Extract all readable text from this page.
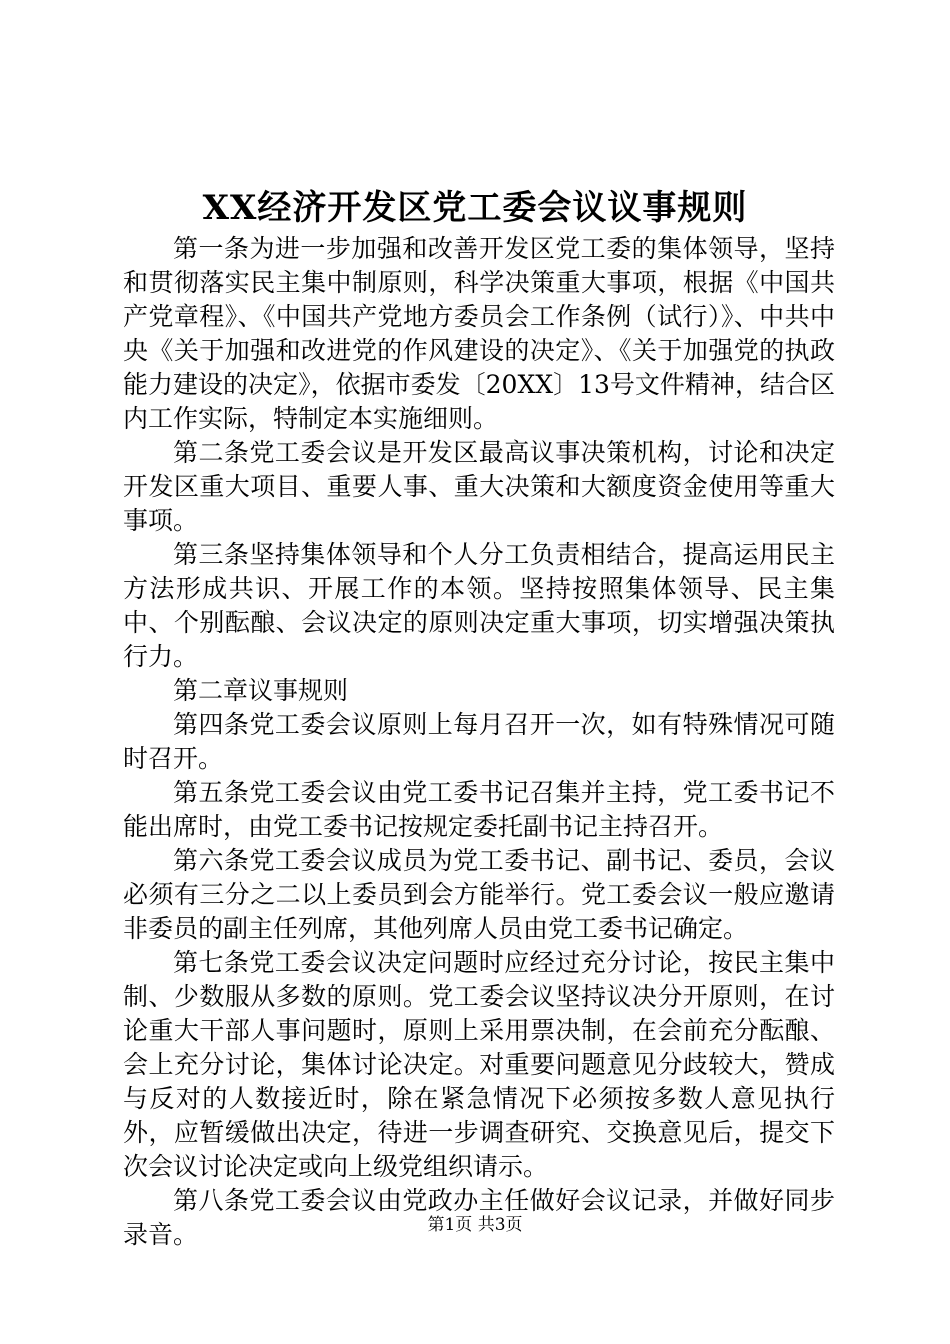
XX经济开发区党工委会议议事规则

第一条为进一步加强和改善开发区党工委的集体领导，坚持和贯彻落实民主集中制原则，科学决策重大事项，根据《中国共产党章程》、《中国共产党地方委员会工作条例（试行）》、中共中央《关于加强和改进党的作风建设的决定》、《关于加强党的执政能力建设的决定》，依据市委发〔20XX〕13号文件精神，结合区内工作实际，特制定本实施细则。

第二条党工委会议是开发区最高议事决策机构，讨论和决定开发区重大项目、重要人事、重大决策和大额度资金使用等重大事项。

第三条坚持集体领导和个人分工负责相结合，提高运用民主方法形成共识、开展工作的本领。坚持按照集体领导、民主集中、个别酝酿、会议决定的原则决定重大事项，切实增强决策执行力。

第二章议事规则

第四条党工委会议原则上每月召开一次，如有特殊情况可随时召开。

第五条党工委会议由党工委书记召集并主持，党工委书记不能出席时，由党工委书记按规定委托副书记主持召开。

第六条党工委会议成员为党工委书记、副书记、委员，会议必须有三分之二以上委员到会方能举行。党工委会议一般应邀请非委员的副主任列席，其他列席人员由党工委书记确定。

第七条党工委会议决定问题时应经过充分讨论，按民主集中制、少数服从多数的原则。党工委会议坚持议决分开原则，在讨论重大干部人事问题时，原则上采用票决制，在会前充分酝酿、会上充分讨论，集体讨论决定。对重要问题意见分歧较大，赞成与反对的人数接近时，除在紧急情况下必须按多数人意见执行外，应暂缓做出决定，待进一步调查研究、交换意见后，提交下次会议讨论决定或向上级党组织请示。

第八条党工委会议由党政办主任做好会议记录，并做好同步录音。	第1页 共3页
